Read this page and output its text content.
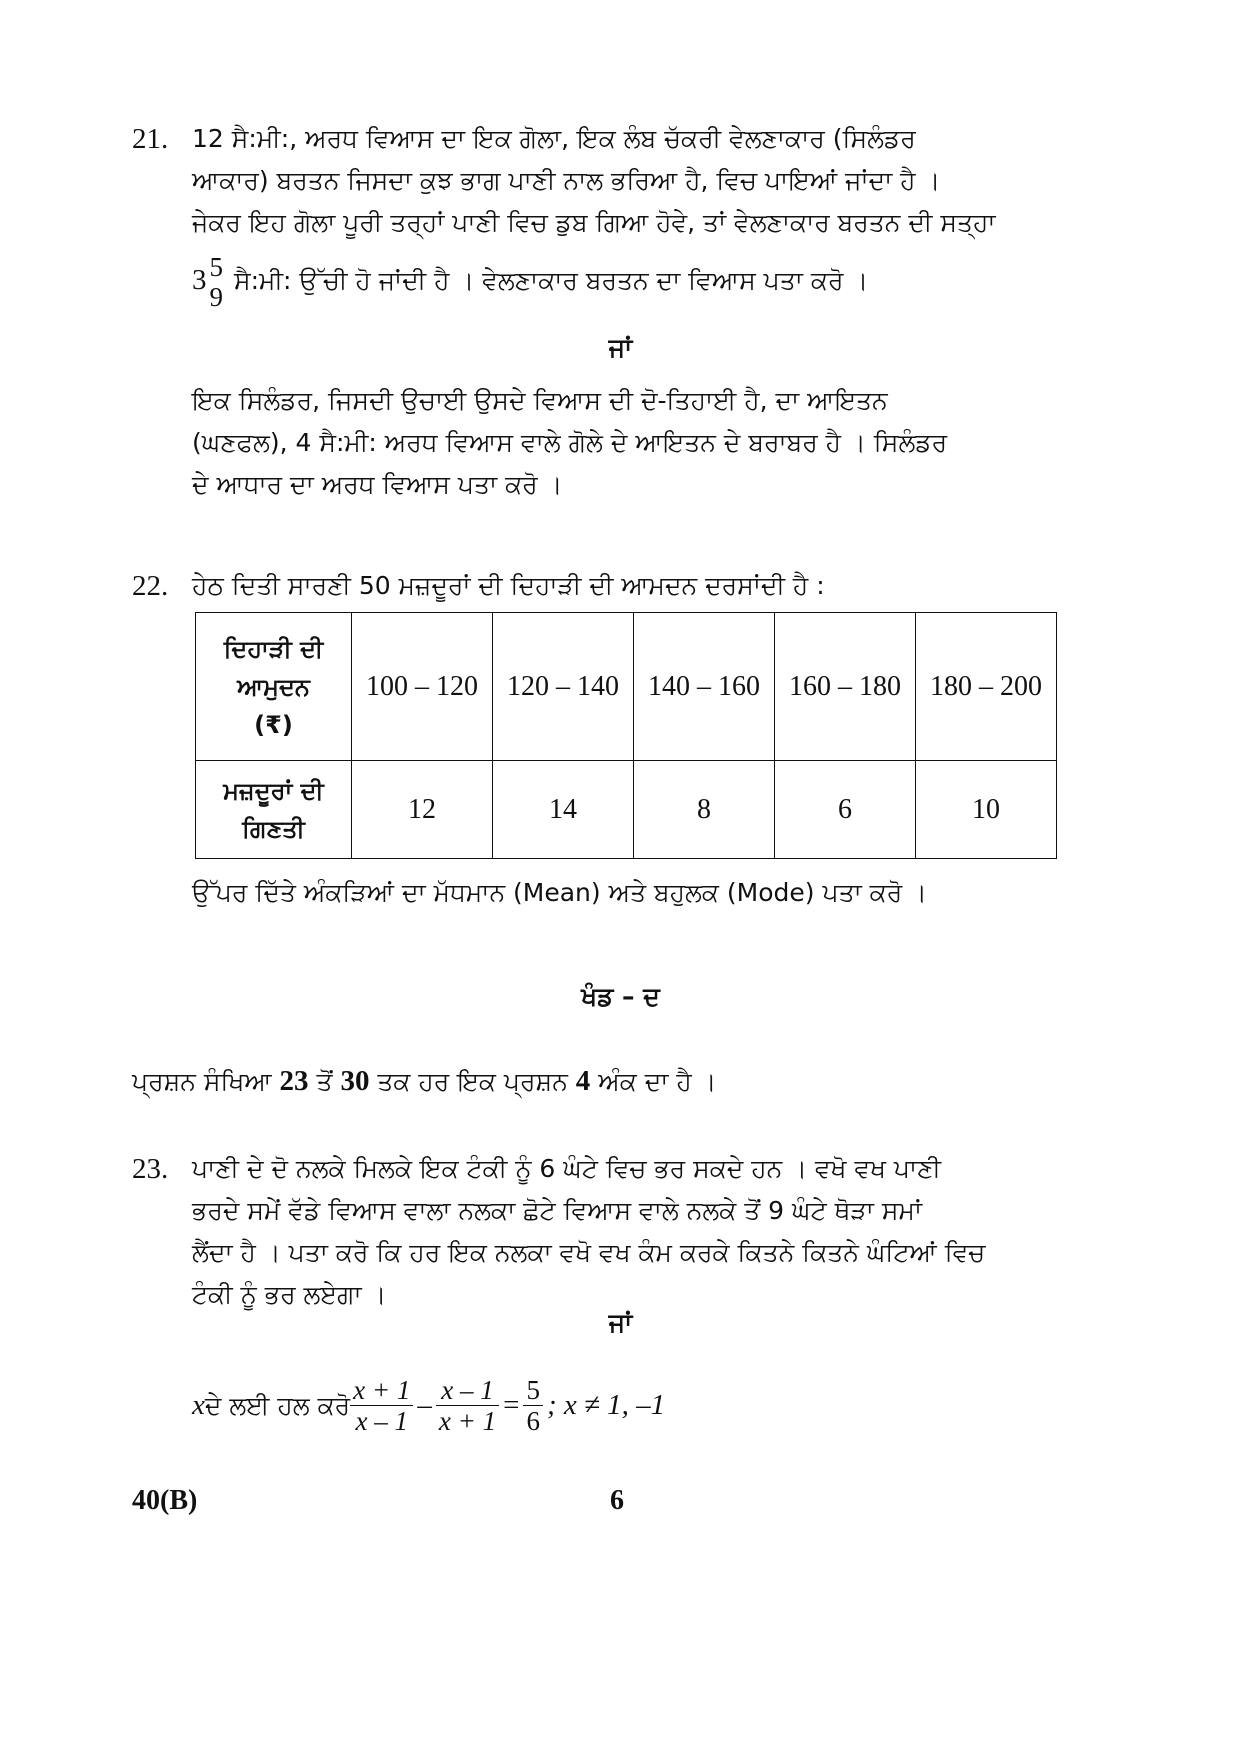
21. 12 ਸੈ:ਮੀ:, ਅਰਧ ਵਿਆਸ ਦਾ ਇਕ ਗੋਲਾ, ਇਕ ਲੰਬ ਚੱਕਰੀ ਵੇਲਣਾਕਾਰ (ਸਿਲੰਡਰ
ਆਕਾਰ) ਬਰਤਨ ਜਿਸਦਾ ਕੁਝ ਭਾਗ ਪਾਣੀ ਨਾਲ ਭਰਿਆ ਹੈ, ਵਿਚ ਪਾਇਆਂ ਜਾਂਦਾ ਹੈ ।
ਜੇਕਰ ਇਹ ਗੋਲਾ ਪੂਰੀ ਤਰ੍ਹਾਂ ਪਾਣੀ ਵਿਚ ਡੁਬ ਗਿਆ ਹੋਵੇ, ਤਾਂ ਵੇਲਣਾਕਾਰ ਬਰਤਨ ਦੀ ਸਤ੍ਹਾ
3 5
9
ਸੈ:ਮੀ: ਉੱਚੀ ਹੋ ਜਾਂਦੀ ਹੈ । ਵੇਲਣਾਕਾਰ ਬਰਤਨ ਦਾ ਵਿਆਸ ਪਤਾ ਕਰੋ ।
ਜਾਂ
ਇਕ ਸਿਲੰਡਰ, ਜਿਸਦੀ ਉਚਾਈ ਉਸਦੇ ਵਿਆਸ ਦੀ ਦੋ-ਤਿਹਾਈ ਹੈ, ਦਾ ਆਇਤਨ
(ਘਣਫਲ), 4 ਸੈ:ਮੀ: ਅਰਧ ਵਿਆਸ ਵਾਲੇ ਗੋਲੇ ਦੇ ਆਇਤਨ ਦੇ ਬਰਾਬਰ ਹੈ । ਸਿਲੰਡਰ
ਦੇ ਆਧਾਰ ਦਾ ਅਰਧ ਵਿਆਸ ਪਤਾ ਕਰੋ ।
22. ਹੇਠ ਦਿਤੀ ਸਾਰਣੀ 50 ਮਜ਼ਦੂਰਾਂ ਦੀ ਦਿਹਾੜੀ ਦੀ ਆਮਦਨ ਦਰਸਾਂਦੀ ਹੈ :
ਦਿਹਾੜੀ ਦੀ
ਆਮੁਦਨ
(₹)	100 – 120	120 – 140	140 – 160	160 – 180	180 – 200

ਮਜ਼ਦੂਰਾਂ ਦੀ
ਗਿਣਤੀ	12	14	8	6	10
ਉੱਪਰ ਦਿੱਤੇ ਅੰਕੜਿਆਂ ਦਾ ਮੱਧਮਾਨ (Mean) ਅਤੇ ਬਹੁਲਕ (Mode) ਪਤਾ ਕਰੋ ।
ਖੰਡ – ਦ
ਪ੍ਰਸ਼ਨ ਸੰਖਿਆ 23 ਤੋਂ 30 ਤਕ ਹਰ ਇਕ ਪ੍ਰਸ਼ਨ 4 ਅੰਕ ਦਾ ਹੈ ।
23. ਪਾਣੀ ਦੇ ਦੋ ਨਲਕੇ ਮਿਲਕੇ ਇਕ ਟੰਕੀ ਨੂੰ 6 ਘੰਟੇ ਵਿਚ ਭਰ ਸਕਦੇ ਹਨ । ਵਖੋ ਵਖ ਪਾਣੀ
ਭਰਦੇ ਸਮੇਂ ਵੱਡੇ ਵਿਆਸ ਵਾਲਾ ਨਲਕਾ ਛੋਟੇ ਵਿਆਸ ਵਾਲੇ ਨਲਕੇ ਤੋਂ 9 ਘੰਟੇ ਥੋੜਾ ਸਮਾਂ
ਲੈਂਦਾ ਹੈ । ਪਤਾ ਕਰੋ ਕਿ ਹਰ ਇਕ ਨਲਕਾ ਵਖੋ ਵਖ ਕੰਮ ਕਰਕੇ ਕਿਤਨੇ ਕਿਤਨੇ ਘੰਟਿਆਂ ਵਿਚ
ਟੰਕੀ ਨੂੰ ਭਰ ਲਏਗਾ ।
ਜਾਂ
x ਦੇ ਲਈ ਹਲ ਕਰੋ $\frac{x + 1}{x - 1} - \frac{x - 1}{x + 1} = \frac{5}{6}$ ; x ≠ 1, –1
40(B)	6
